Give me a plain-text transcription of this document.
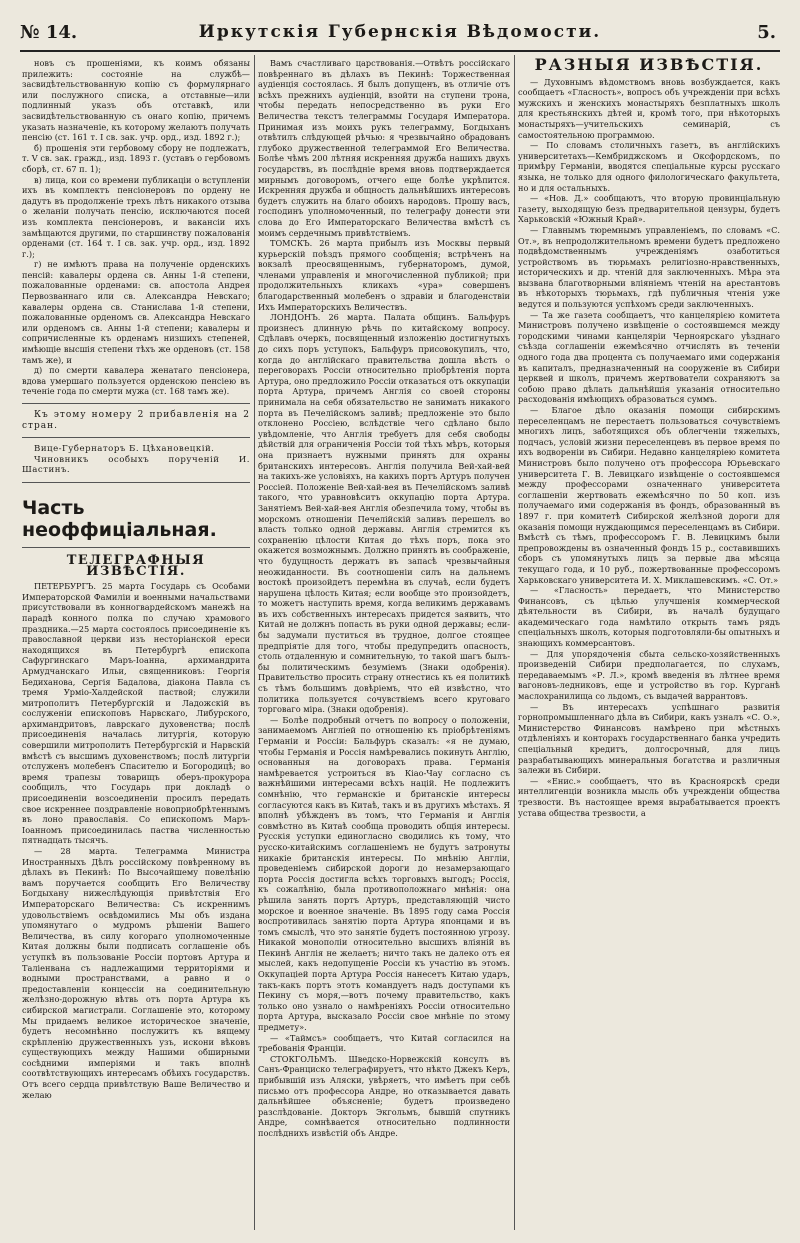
№ 14.	Иркутскія Губернскія Вѣдомости.	5.

новъ съ прошеніями, къ коимъ обязаны прилежить: состояніе на службѣ—засвидѣтельствованную копію съ формулярнаго или послужного списка, а отставные—или подлинный указъ объ отставкѣ, или засвидѣтельствованную съ онаго копію, причемъ указать назначеніе, къ которому желаютъ получать пенсію (ст. 161 т. I св. зак. учр. орд., изд. 1892 г.);

б) прошенія эти гербовому сбору не подлежатъ, т. V св. зак. гражд., изд. 1893 г. (уставъ о гербовомъ сборѣ, ст. 67 п. 1);

в) лица, кои со времени публикаціи о вступленіи ихъ въ комплектъ пенсіонеровъ по ордену не дадутъ въ продолженіе трехъ лѣтъ никакого отзыва о желаніи получать пенсію, исключаются посей изъ комплекта пенсіонеровъ, и вакансіи ихъ замѣщаются другими, по старшинству пожалованія орденами (ст. 164 т. I св. зак. учр. орд., изд. 1892 г.);

г) не имѣютъ права на полученіе орденскихъ пенсій: кавалеры ордена св. Анны 1-й степени, пожалованные орденами: св. апостола Андрея Первозваннаго или св. Александра Невскаго; кавалеры ордена св. Станислава 1-й степени, пожалованные орденомъ св. Александра Невскаго или орденомъ св. Анны 1-й степени; кавалеры и сопричисленные къ орденамъ низшихъ степеней, имѣющіе высшія степени тѣхъ же орденовъ (ст. 158 тамъ же), и

д) по смерти кавалера женатаго пенсіонера, вдова умершаго пользуется орденскою пенсіею въ теченіе года по смерти мужа (ст. 168 тамъ же).

Къ этому номеру 2 прибавленія на 2 стран.

Вице-Губернаторъ Б. Цѣхановецкій.

Чиновникъ особыхъ порученій И. Шастинъ.

Часть неоффиціальная.
ТЕЛЕГРАФНЫЯ ИЗВѢСТІЯ.

ПЕТЕРБУРГЪ. 25 марта Государь съ Особами Императорской Фамиліи и военными начальствами присутствовали въ конногвардейскомъ манежѣ на парадѣ конного полка по случаю храмового праздника.—25 марта состоялось присоединеніе къ православной церкви изъ несторіанской ереси находящихся въ Петербургѣ епископа Сафургинскаго Маръ-Іоанна, архимандрита Армудчанскаго Ильи, священниковъ: Георгія Бедиханова, Сергія Бадалова, діакона Павла съ тремя Урміо-Халдейской паствой; служили митрополитъ Петербургскій и Ладожскій въ сослуженіи епископовъ Нарвскаго, Либурского, архимандритовъ, лаврскаго духовенства; послѣ присоединенія началась литургія, которую совершили митрополитъ Петербургскій и Нарвскій вмѣстѣ съ высшимъ духовенствомъ; послѣ литургіи отслуженъ молебенъ Спасителю и Богородицѣ; во время трапезы товарищъ оберъ-прокурора сообщилъ, что Государь при докладѣ о присоединеніи возсоединеніи просилъ передать свое искреннее поздравленіе новоприобрѣтеннымъ въ лоно православія. Со епископомъ Маръ-Іоанномъ присоединилась паства численностью пятнадцать тысячъ.

— 28 марта. Телеграмма Министра Иностранныхъ Дѣлъ россійскому повѣренному въ дѣлахъ въ Пекинѣ: По Высочайшему повелѣнію вамъ поручается сообщить Его Величеству Богдыхану нижеслѣдующія привѣтствія Его Императорскаго Величества: Съ искреннимъ удовольствіемъ освѣдомились Мы объ издана упомянутаго о мудромъ рѣшеніи Вашего Величества, въ силу когораго уполномоченные Китая должны были подписать соглашеніе объ уступкѣ въ пользованіе Россіи портовъ Артура и Таліенвана съ надлежащими территоріями и водными пространствами, а равно и о предоставленіи концессіи на соединительную желѣзно-дорожную вѣтвь отъ порта Артура къ сибирской магистрали. Соглашеніе это, которому Мы придаемъ великое историческое значеніе, будетъ несомнѣнно послужитъ къ вящему скрѣпленію дружественныхъ узъ, искони вѣковъ существующихъ между Нашими обширными сосѣдними имперіями и такъ вполнѣ соотвѣтствующихъ интересамъ обѣихъ государствъ. Отъ всего сердца привѣтствую Ваше Величество и желаю

Вамъ счастливаго царствованія.—Отвѣтъ россійскаго повѣреннаго въ дѣлахъ въ Пекинѣ: Торжественная аудіенція состоялась. Я былъ допущенъ, въ отличіе отъ всѣхъ прежнихъ аудіенцій, взойти на ступени трона, чтобы передать непосредственно въ руки Его Величества текстъ телеграммы Государя Императора. Принимая изъ моихъ рукъ телеграмму, Богдыханъ отвѣтилъ слѣдующей рѣчью: я чрезвычайно обрадованъ глубоко дружественной телеграммой Его Величества. Болѣе чѣмъ 200 лѣтняя искренняя дружба нашихъ двухъ государствъ, въ послѣдніе время вновь подтверждается мирнымъ договоромъ, отчего еще болѣе укрѣпится. Искренняя дружба и общность дальнѣйшихъ интересовъ будетъ служить на благо обоихъ народовъ. Прошу васъ, господинъ уполномоченный, по телеграфу донести эти слова до Его Императорскаго Величества вмѣстѣ съ моимъ сердечнымъ привѣтствіемъ.

ТОМСКЪ. 26 марта прибылъ изъ Москвы первый курьерскій поѣздъ прямого сообщенія; встрѣченъ на вокзалѣ преосвященнымъ, губернаторомъ, думой, членами управленія и многочисленной публикой; при продолжительныхъ кликахъ «ура» совершенъ благодарственный молебенъ о здравіи и благоденствіи Ихъ Императорскихъ Величествъ.

ЛОНДОНЪ. 26 марта. Палата общинъ. Бальфуръ произнесъ длинную рѣчь по китайскому вопросу. Сдѣлавъ очеркъ, посвященный изложенію достигнутыхъ до сихъ поръ уступокъ, Бальфуръ присовокупилъ, что, когда до англійскаго правительства дошла вѣсть о переговорахъ Россіи относительно пріобрѣтенія порта Артура, оно предложило Россіи отказаться отъ оккупаціи порта Артура, причемъ Англія со своей стороны принимала на себя обязательство не занимать никакого порта въ Печелійскомъ заливѣ; предложеніе это было отклонено Россіею, вслѣдствіе чего сдѣлано было увѣдомленіе, что Англія требуетъ для себя свободы дѣйствій для ограниченія Россіи той тѣхъ мѣръ, которыя она признаетъ нужными принять для охраны британскихъ интересовъ. Англія получила Вей-хай-вей на такихъ-же условіяхъ, на какихъ портъ Артуръ получен Россіей. Положеніе Вей-хай-вея въ Печелійскомъ заливѣ такого, что уравновѣситъ оккупацію порта Артура. Занятіемъ Вей-хай-вея Англія обезпечила тому, чтобы въ морскомъ отношеніи Печелійскій заливъ перешелъ во власть только одной державы. Англія стремится къ сохраненію цѣлости Китая до тѣхъ поръ, пока это окажется возможнымъ. Должно принять въ соображеніе, что будущность держатъ въ запасѣ чрезвычайныя неожиданности. Въ соотношеніи силъ на дальнемъ востокѣ произойдетъ перемѣна въ случаѣ, если будетъ нарушена цѣлость Китая; если вообще это произойдетъ, то можетъ наступить время, когда великимъ державамъ въ ихъ собственныхъ интересахъ придется заявить, что Китай не должнъ попасть въ руки одной державы; если-бы задумали пуститься въ трудное, долгое стоящее предпріятіе для того, чтобы предупредить опасность, столь отдаленную и сомнительную, то такой шагъ былъ-бы политическимъ безуміемъ (Знаки одобренія). Правительство просить страну отнестись къ ея политикѣ съ тѣмъ большимъ довѣріемъ, что ей извѣстно, что политика пользуется сочувствіемъ всего круговаго торговаго міра. (Знаки одобренія).

— Болѣе подробный отчетъ по вопросу о положеніи, занимаемомъ Англіей по отношенію къ пріобрѣтеніямъ Германіи и Россіи: Бальфуръ сказалъ: «я не думаю, чтобы Германія и Россія намѣревались покинуть Англію, основанныя на договорахъ права. Германія намѣревается устроиться въ Кіао-Чау согласно съ важнѣйшими интересами всѣхъ націй. Не подлежитъ сомнѣнію, что германскіе и британскіе интересы согласуются какъ въ Китаѣ, такъ и въ другихъ мѣстахъ. Я вполнѣ убѣжденъ въ томъ, что Германія и Англія совмѣстно въ Китаѣ сообща проводить общія интересы. Русскія уступки единогласно сводились къ тому, что русско-китайскимъ соглашеніемъ не будутъ затронуты никакіе британскія интересы. По мнѣнію Англіи, проведеніемъ сибирской дороги до незамерзающаго порта Россія достигла всѣхъ торговыхъ выгодъ; Россія, къ сожалѣнію, была противоположнаго мнѣнія: она рѣшила занять портъ Артуръ, представляющій чисто морское и военное значеніе. Въ 1895 году сама Россія воспротивилась занятію порта Артура японцами и въ томъ смыслѣ, что это занятіе будетъ постоянною угрозу. Никакой монополіи относительно высшихъ вліяній въ Пекинѣ Англія не желаетъ; ничто такъ не далеко отъ ея мыслей, какъ недопущеніе Россіи къ участію въ этомъ. Оккупаціей порта Артура Россія нанесетъ Китаю ударъ, такъ-какъ портъ этотъ командуетъ надъ доступами къ Пекину съ моря,—вотъ почему правительство, какъ только оно узнало о намѣреніяхъ Россіи относительно порта Артура, высказало Россіи свое мнѣніе по этому предмету».

— «Таймсъ» сообщаетъ, что Китай согласился на требованія Франціи.

СТОКГОЛЬМЪ. Шведско-Норвежскій консулъ въ Санъ-Франциско телеграфируетъ, что нѣкто Джекъ Керъ, прибывшій изъ Аляски, увѣряетъ, что имѣетъ при себѣ письмо отъ профессора Андре, но отказывается давать дальнѣйшее объясненіе; будетъ произведено разслѣдованіе. Докторъ Экгольмъ, бывшій спутникъ Андре, сомнѣвается относительно подлинности послѣднихъ извѣстій объ Андре.

РАЗНЫЯ ИЗВѢСТІЯ.

— Духовнымъ вѣдомствомъ вновь возбуждается, какъ сообщаетъ «Гласность», вопросъ объ учрежденіи при всѣхъ мужскихъ и женскихъ монастыряхъ безплатныхъ школъ для крестьянскихъ дѣтей и, кромѣ того, при нѣкоторыхъ монастыряхъ—учительскихъ семинарій, съ самостоятельною программою.

— По словамъ столичныхъ газетъ, въ англійскихъ университетахъ—Кембриджскомъ и Оксфордскомъ, по примѣру Германіи, вводятся спеціальные курсы русскаго языка, не только для одного филологическаго факультета, но и для остальныхъ.

— «Нов. Д.» сообщаютъ, что вторую провинціальную газету, выходящую безъ предварительной цензуры, будетъ Харьковскій «Южный Край».

— Главнымъ тюремнымъ управленіемъ, по словамъ «С. От.», въ непродолжительномъ времени будетъ предложено подвѣдомственнымъ учрежденіямъ озаботиться устройствомъ въ тюрьмахъ религіозно-нравственныхъ, историческихъ и др. чтеній для заключенныхъ. Мѣра эта вызвана благотворными вліяніемъ чтеній на арестантовъ въ нѣкоторыхъ тюрьмахъ, гдѣ публичныя чтенія уже ведутся и пользуются успѣхомъ среди заключенныхъ.

— Та же газета сообщаетъ, что канцелярією комитета Министровъ получено извѣщеніе о состоявшемся между городскими чинами канцеляріи Черноярскаго уѣзднаго съѣзда соглашеніи ежемѣсячно отчислять въ теченіи одного года два процента съ получаемаго ими содержанія въ капиталъ, предназначенный на сооруженіе въ Сибири церквей и школъ, причемъ жертвователи сохраняютъ за собою право дѣлать дальнѣйшія указанія относительно расходованія имѣющихъ образоваться суммъ.

— Благое дѣло оказанія помощи сибирскимъ переселенцамъ не перестаетъ пользоваться сочувствіемъ многихъ лицъ, заботящихся объ облегченіи тяжелыхъ, подчасъ, условій жизни переселенцевъ въ первое время по ихъ водвореніи въ Сибири. Недавно канцеляріею комитета Министровъ было получено отъ профессора Юрьевскаго университета Г. В. Левицкаго извѣщеніе о состоявшемся между профессорами означеннаго университета соглашеніи жертвовать ежемѣсячно по 50 коп. изъ получаемаго ими содержанія въ фондъ, образованный въ 1897 г. при комитетѣ Сибирской желѣзной дороги для оказанія помощи нуждающимся переселенцамъ въ Сибири. Вмѣстѣ съ тѣмъ, профессоромъ Г. В. Левицкимъ были препровождены въ означенный фондъ 15 р., составившихъ сборъ съ упомянутыхъ лицъ за первые два мѣсяца текущаго года, и 10 руб., пожертвованные профессоромъ Харьковскаго университета И. Х. Миклашевскимъ. «С. От.»

— «Гласность» передаетъ, что Министерство Финансовъ, съ цѣлью улучшенія коммерческой дѣятельности въ Сибири, въ началѣ будущаго академическаго года намѣтило открыть тамъ рядъ спеціальныхъ школъ, которыя подготовляли-бы опытныхъ и знающихъ коммерсантовъ.

— Для упорядоченія сбыта сельско-хозяйственныхъ произведеній Сибири предполагается, по слухамъ, передаваемымъ «Р. Л.», кромѣ введенія въ лѣтнее время вагоновъ-ледниковъ, еще и устройство въ гор. Курганѣ маслохранилища со льдомъ, съ выдачей варрантовъ.

— Въ интересахъ успѣшнаго развитія горнопромышленнаго дѣла въ Сибири, какъ узналъ «С. О.», Министерство Финансовъ намѣрено при мѣстныхъ отдѣленіяхъ и конторахъ государственнаго банка учредить спеціальный кредитъ, долгосрочный, для лицъ разрабатывающихъ минеральныя богатства и различныя залежи въ Сибири.

— «Енис.» сообщаетъ, что въ Красноярскѣ среди интеллигенціи возникла мысль объ учрежденіи общества трезвости. Въ настоящее время вырабатывается проектъ устава общества трезвости, а
